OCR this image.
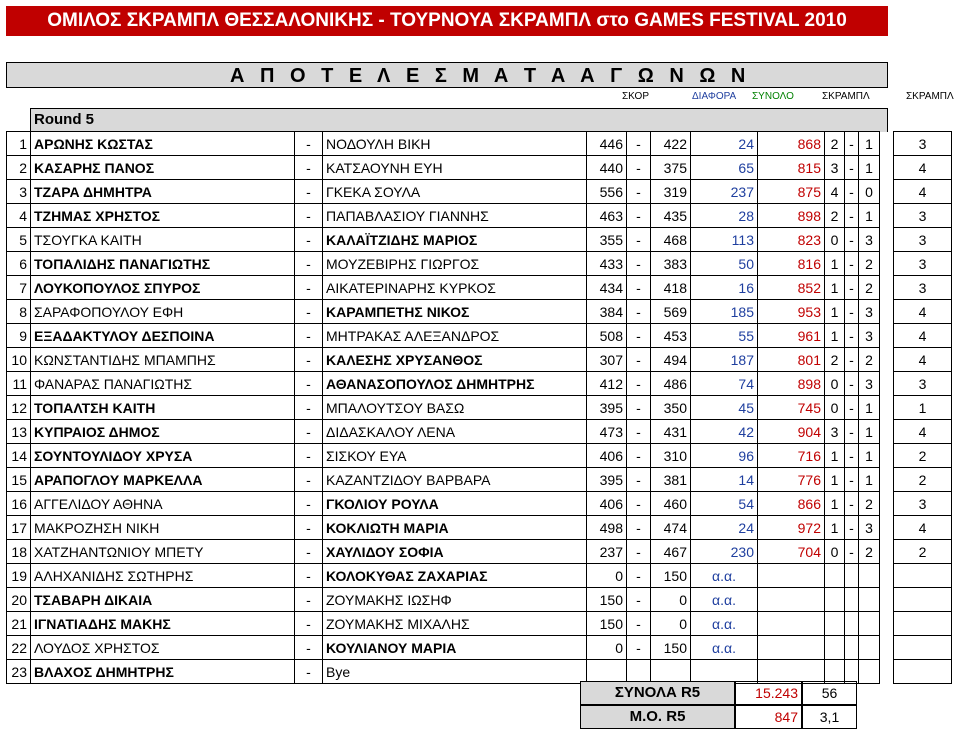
ΟΜΙΛΟΣ ΣΚΡΑΜΠΛ ΘΕΣΣΑΛΟΝΙΚΗΣ - ΤΟΥΡΝΟΥΑ ΣΚΡΑΜΠΛ στο GAMES FESTIVAL 2010
Α Π Ο Τ Ε Λ Ε Σ Μ Α Τ Α Α Γ Ω Ν Ω Ν
ΣΚΟΡ	ΔΙΑΦΟΡΑ ΣΥΝΟΛΟ	ΣΚΡΑΜΠΛ	ΣΚΡΑΜΠΛ
Round 5
1	ΑΡΩΝΗΣ ΚΩΣΤΑΣ	-	ΝΟΔΟΥΛΗ ΒΙΚΗ	446	-	422	24	868	2	-	1		3
2	ΚΑΣΑΡΗΣ ΠΑΝΟΣ	-	ΚΑΤΣΑΟΥΝΗ ΕΥΗ	440	-	375	65	815	3	-	1		4
3	ΤΖΑΡΑ ΔΗΜΗΤΡΑ	-	ΓΚΕΚΑ ΣΟΥΛΑ	556	-	319	237	875	4	-	0		4
4	ΤΖΗΜΑΣ ΧΡΗΣΤΟΣ	-	ΠΑΠΑΒΛΑΣΙΟΥ ΓΙΑΝΝΗΣ	463	-	435	28	898	2	-	1		3
5	ΤΣΟΥΓΚΑ ΚΑΙΤΗ	-	ΚΑΛΑΪΤΖΙΔΗΣ ΜΑΡΙΟΣ	355	-	468	113	823	0	-	3		3
6	ΤΟΠΑΛΙΔΗΣ ΠΑΝΑΓΙΩΤΗΣ	-	ΜΟΥΖΕΒΙΡΗΣ ΓΙΩΡΓΟΣ	433	-	383	50	816	1	-	2		3
7	ΛΟΥΚΟΠΟΥΛΟΣ ΣΠΥΡΟΣ	-	ΑΙΚΑΤΕΡΙΝΑΡΗΣ ΚΥΡΚΟΣ	434	-	418	16	852	1	-	2		3
8	ΣΑΡΑΦΟΠΟΥΛΟΥ ΕΦΗ	-	ΚΑΡΑΜΠΕΤΗΣ ΝΙΚΟΣ	384	-	569	185	953	1	-	3		4
9	ΕΞΑΔΑΚΤΥΛΟΥ ΔΕΣΠΟΙΝΑ	-	ΜΗΤΡΑΚΑΣ ΑΛΕΞΑΝΔΡΟΣ	508	-	453	55	961	1	-	3		4
10	ΚΩΝΣΤΑΝΤΙΔΗΣ ΜΠΑΜΠΗΣ	-	ΚΑΛΕΣΗΣ ΧΡΥΣΑΝΘΟΣ	307	-	494	187	801	2	-	2		4
11	ΦΑΝΑΡΑΣ ΠΑΝΑΓΙΩΤΗΣ	-	ΑΘΑΝΑΣΟΠΟΥΛΟΣ ΔΗΜΗΤΡΗΣ	412	-	486	74	898	0	-	3		3
12	ΤΟΠΑΛΤΣΗ ΚΑΙΤΗ	-	ΜΠΑΛΟΥΤΣΟΥ ΒΑΣΩ	395	-	350	45	745	0	-	1		1
13	ΚΥΠΡΑΙΟΣ ΔΗΜΟΣ	-	ΔΙΔΑΣΚΑΛΟΥ ΛΕΝΑ	473	-	431	42	904	3	-	1		4
14	ΣΟΥΝΤΟΥΛΙΔΟΥ ΧΡΥΣΑ	-	ΣΙΣΚΟΥ ΕΥΑ	406	-	310	96	716	1	-	1		2
15	ΑΡΑΠΟΓΛΟΥ ΜΑΡΚΕΛΛΑ	-	ΚΑΖΑΝΤΖΙΔΟΥ ΒΑΡΒΑΡΑ	395	-	381	14	776	1	-	1		2
16	ΑΓΓΕΛΙΔΟΥ ΑΘΗΝΑ	-	ΓΚΟΛΙΟΥ ΡΟΥΛΑ	406	-	460	54	866	1	-	2		3
17	ΜΑΚΡΟΖΗΣΗ ΝΙΚΗ	-	ΚΟΚΛΙΩΤΗ ΜΑΡΙΑ	498	-	474	24	972	1	-	3		4
18	ΧΑΤΖΗΑΝΤΩΝΙΟΥ ΜΠΕΤΥ	-	ΧΑΥΛΙΔΟΥ ΣΟΦΙΑ	237	-	467	230	704	0	-	2		2
19	ΑΛΗΧΑΝΙΔΗΣ ΣΩΤΗΡΗΣ	-	ΚΟΛΟΚΥΘΑΣ ΖΑΧΑΡΙΑΣ	0	-	150	α.α.						
20	ΤΣΑΒΑΡΗ ΔΙΚΑΙΑ	-	ΖΟΥΜΑΚΗΣ ΙΩΣΗΦ	150	-	0	α.α.						
21	ΙΓΝΑΤΙΑΔΗΣ ΜΑΚΗΣ	-	ΖΟΥΜΑΚΗΣ ΜΙΧΑΛΗΣ	150	-	0	α.α.						
22	ΛΟΥΔΟΣ ΧΡΗΣΤΟΣ	-	ΚΟΥΛΙΑΝΟΥ ΜΑΡΙΑ	0	-	150	α.α.						
23	ΒΛΑΧΟΣ ΔΗΜΗΤΡΗΣ	-	Bye										
ΣΥΝΟΛΑ R5	15.243	56
Μ.Ο. R5	847	3,1
